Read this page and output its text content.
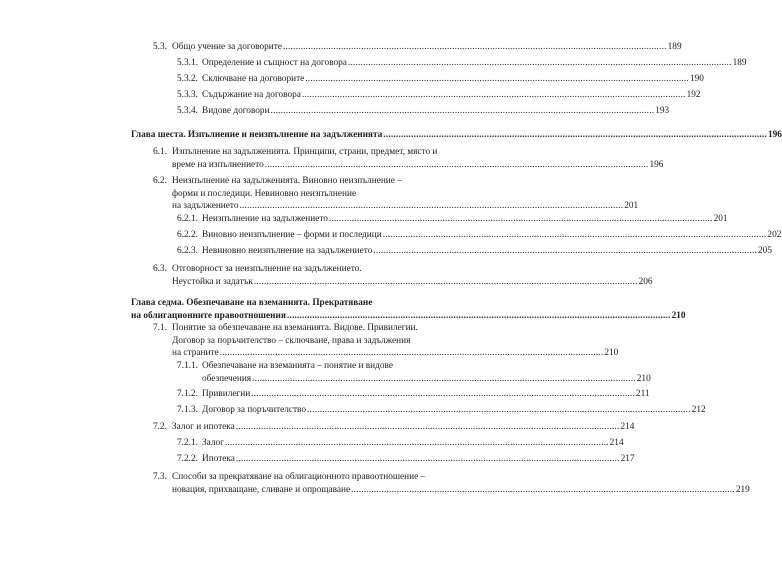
5.3. Общо учение за договорите ........................................................................................................................................................ 189
5.3.1. Определение и същност на договора ........................................................................................................................................................ 189
5.3.2. Сключване на договорите ........................................................................................................................................................ 190
5.3.3. Съдържание на договора ........................................................................................................................................................ 192
5.3.4. Видове договори ........................................................................................................................................................ 193
Глава шеста. Изпълнение и неизпълнение на задълженията ........................................................................................................................................................ 196
6.1. Изпълнение на задълженията. Принципи, страни, предмет, място и
време на изпълнението ........................................................................................................................................................ 196
6.2. Неизпълнение на задълженията. Виновно неизпълнение –
форми и последици. Невиновно неизпълнение
на задължението ........................................................................................................................................................ 201
6.2.1. Неизпълнение на задължението ........................................................................................................................................................ 201
6.2.2. Виновно неизпълнение – форми и последици ........................................................................................................................................................ 202
6.2.3. Невиновно неизпълнение на задължението ........................................................................................................................................................ 205
6.3. Отговорност за неизпълнение на задължението.
Неустойка и задатък ........................................................................................................................................................ 206
Глава седма. Обезпечаване на вземанията. Прекратяване
на облигационните правоотношения ........................................................................................................................................................ 210
7.1. Понятие за обезпечаване на вземанията. Видове. Привилегии.
Договор за поръчителство – сключване, права и задължения
на страните ........................................................................................................................................................ 210
7.1.1. Обезпечаване на вземанията – понятие и видове
обезпечения ........................................................................................................................................................ 210
7.1.2. Привилегии ........................................................................................................................................................ 211
7.1.3. Договор за поръчителство ........................................................................................................................................................ 212
7.2. Залог и ипотека ........................................................................................................................................................ 214
7.2.1. Залог ........................................................................................................................................................ 214
7.2.2. Ипотека ........................................................................................................................................................ 217
7.3. Способи за прекратяване на облигационното правоотношение –
новация, прихващане, сливане и опрощаване ........................................................................................................................................................ 219
